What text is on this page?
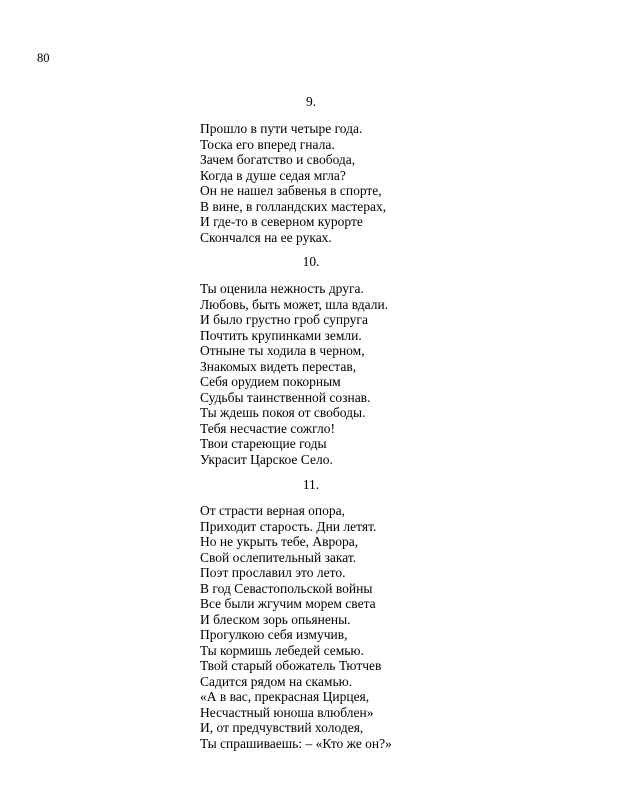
80
9.
Прошло в пути четыре года.
Тоска его вперед гнала.
Зачем богатство и свобода,
Когда в душе седая мгла?
Он не нашел забвенья в спорте,
В вине, в голландских мастерах,
И где-то в северном курорте
Скончался на ее руках.
10.
Ты оценила нежность друга.
Любовь, быть может, шла вдали.
И было грустно гроб супруга
Почтить крупинками земли.
Отныне ты ходила в черном,
Знакомых видеть перестав,
Себя орудием покорным
Судьбы таинственной сознав.
Ты ждешь покоя от свободы.
Тебя несчастие сожгло!
Твои стареющие годы
Украсит Царское Село.
11.
От страсти верная опора,
Приходит старость. Дни летят.
Но не укрыть тебе, Аврора,
Свой ослепительный закат.
Поэт прославил это лето.
В год Севастопольской войны
Все были жгучим морем света
И блеском зорь опьянены.
Прогулкою себя измучив,
Ты кормишь лебедей семью.
Твой старый обожатель Тютчев
Садится рядом на скамью.
«А в вас, прекрасная Цирцея,
Несчастный юноша влюблен»
И, от предчувствий холодея,
Ты спрашиваешь: – «Кто же он?»
